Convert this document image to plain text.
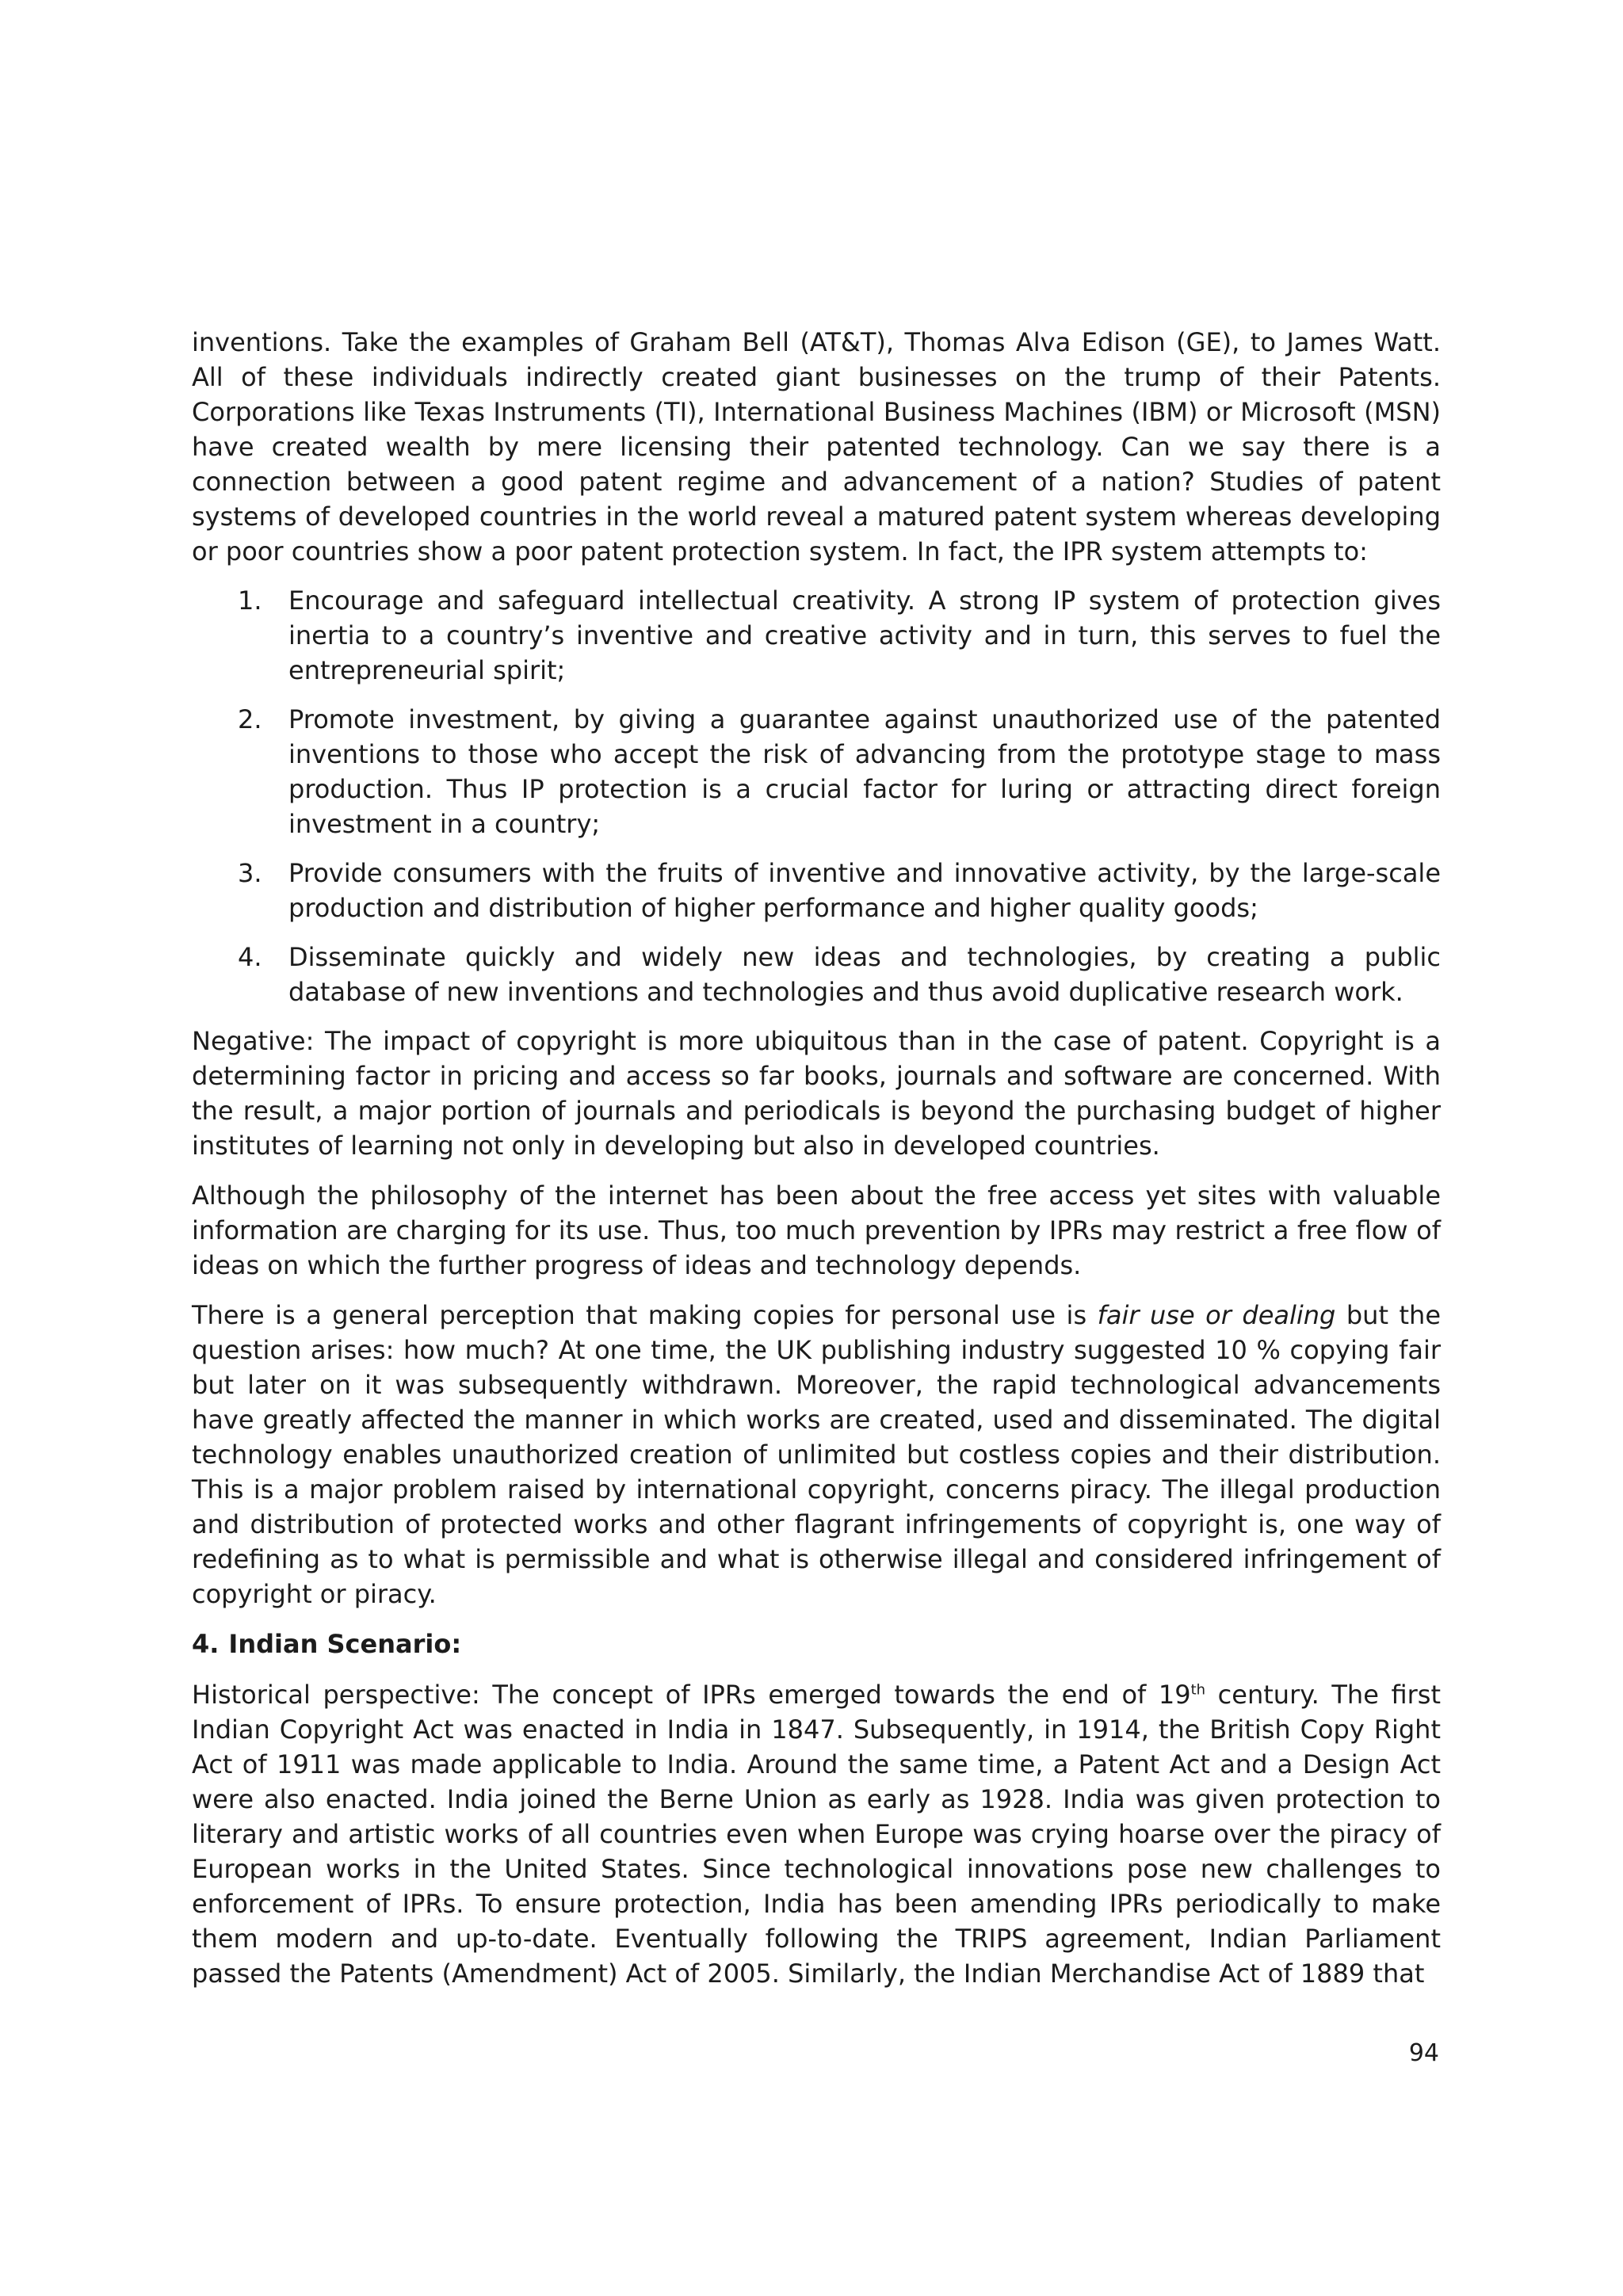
inventions. Take the examples of Graham Bell (AT&T), Thomas Alva Edison (GE), to James Watt. All of these individuals indirectly created giant businesses on the trump of their Patents. Corporations like Texas Instruments (TI), International Business Machines (IBM) or Microsoft (MSN) have created wealth by mere licensing their patented technology. Can we say there is a connection between a good patent regime and advancement of a nation? Studies of patent systems of developed countries in the world reveal a matured patent system whereas developing or poor countries show a poor patent protection system. In fact, the IPR system attempts to:

1. Encourage and safeguard intellectual creativity. A strong IP system of protection gives inertia to a country’s inventive and creative activity and in turn, this serves to fuel the entrepreneurial spirit;
2. Promote investment, by giving a guarantee against unauthorized use of the patented inventions to those who accept the risk of advancing from the prototype stage to mass production. Thus IP protection is a crucial factor for luring or attracting direct foreign investment in a country;
3. Provide consumers with the fruits of inventive and innovative activity, by the large-scale production and distribution of higher performance and higher quality goods;
4. Disseminate quickly and widely new ideas and technologies, by creating a public database of new inventions and technologies and thus avoid duplicative research work.

Negative: The impact of copyright is more ubiquitous than in the case of patent. Copyright is a determining factor in pricing and access so far books, journals and software are concerned. With the result, a major portion of journals and periodicals is beyond the purchasing budget of higher institutes of learning not only in developing but also in developed countries.

Although the philosophy of the internet has been about the free access yet sites with valuable information are charging for its use. Thus, too much prevention by IPRs may restrict a free flow of ideas on which the further progress of ideas and technology depends.

There is a general perception that making copies for personal use is fair use or dealing but the question arises: how much? At one time, the UK publishing industry suggested 10 % copying fair but later on it was subsequently withdrawn. Moreover, the rapid technological advancements have greatly affected the manner in which works are created, used and disseminated. The digital technology enables unauthorized creation of unlimited but costless copies and their distribution. This is a major problem raised by international copyright, concerns piracy. The illegal production and distribution of protected works and other flagrant infringements of copyright is, one way of redefining as to what is permissible and what is otherwise illegal and considered infringement of copyright or piracy.

4. Indian Scenario:

Historical perspective: The concept of IPRs emerged towards the end of 19th century. The first Indian Copyright Act was enacted in India in 1847. Subsequently, in 1914, the British Copy Right Act of 1911 was made applicable to India. Around the same time, a Patent Act and a Design Act were also enacted. India joined the Berne Union as early as 1928. India was given protection to literary and artistic works of all countries even when Europe was crying hoarse over the piracy of European works in the United States. Since technological innovations pose new challenges to enforcement of IPRs. To ensure protection, India has been amending IPRs periodically to make them modern and up-to-date. Eventually following the TRIPS agreement, Indian Parliament passed the Patents (Amendment) Act of 2005. Similarly, the Indian Merchandise Act of 1889 that

94
